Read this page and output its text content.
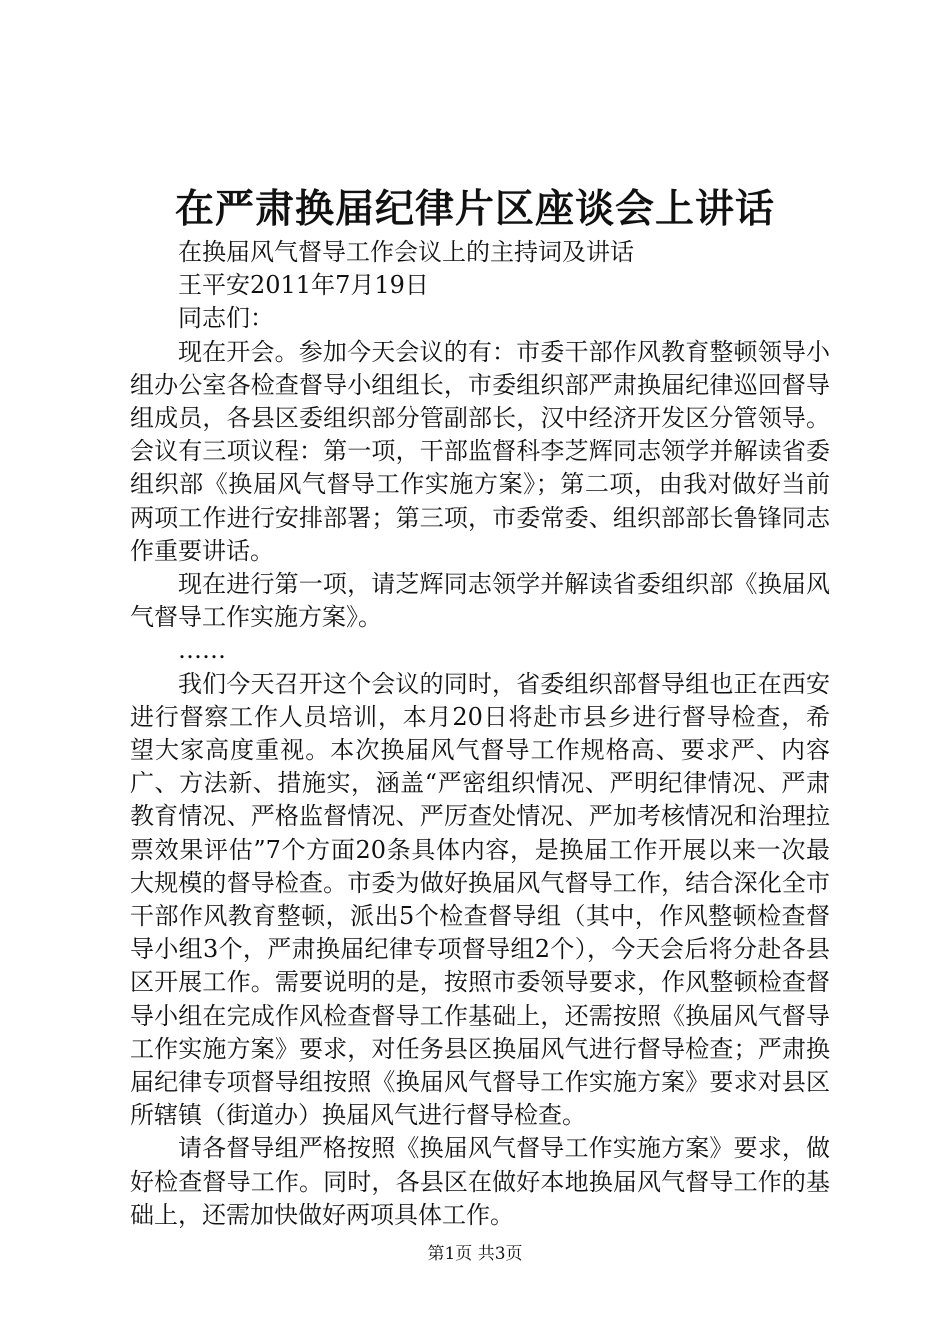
在严肃换届纪律片区座谈会上讲话

在换届风气督导工作会议上的主持词及讲话

王平安2011年7月19日

同志们：

现在开会。参加今天会议的有：市委干部作风教育整顿领导小组办公室各检查督导小组组长，市委组织部严肃换届纪律巡回督导组成员，各县区委组织部分管副部长，汉中经济开发区分管领导。会议有三项议程：第一项，干部监督科李芝辉同志领学并解读省委组织部《换届风气督导工作实施方案》；第二项，由我对做好当前两项工作进行安排部署；第三项，市委常委、组织部部长鲁锋同志作重要讲话。

现在进行第一项，请芝辉同志领学并解读省委组织部《换届风气督导工作实施方案》。

……

我们今天召开这个会议的同时，省委组织部督导组也正在西安进行督察工作人员培训，本月20日将赴市县乡进行督导检查，希望大家高度重视。本次换届风气督导工作规格高、要求严、内容广、方法新、措施实，涵盖“严密组织情况、严明纪律情况、严肃教育情况、严格监督情况、严厉查处情况、严加考核情况和治理拉票效果评估”7个方面20条具体内容，是换届工作开展以来一次最大规模的督导检查。市委为做好换届风气督导工作，结合深化全市干部作风教育整顿，派出5个检查督导组（其中，作风整顿检查督导小组3个，严肃换届纪律专项督导组2个），今天会后将分赴各县区开展工作。需要说明的是，按照市委领导要求，作风整顿检查督导小组在完成作风检查督导工作基础上，还需按照《换届风气督导工作实施方案》要求，对任务县区换届风气进行督导检查；严肃换届纪律专项督导组按照《换届风气督导工作实施方案》要求对县区所辖镇（街道办）换届风气进行督导检查。

请各督导组严格按照《换届风气督导工作实施方案》要求，做好检查督导工作。同时，各县区在做好本地换届风气督导工作的基础上，还需加快做好两项具体工作。

第1页 共3页
